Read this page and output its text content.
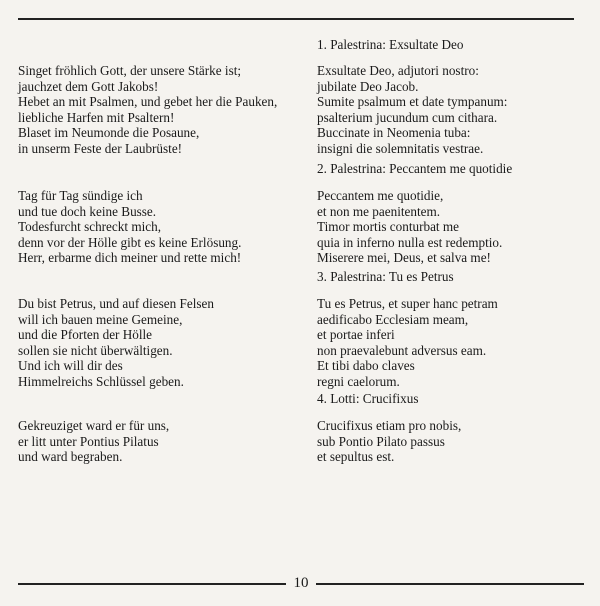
Singet fröhlich Gott, der unsere Stärke ist;
jauchzet dem Gott Jakobs!
Hebet an mit Psalmen, und gebet her die Pauken,
liebliche Harfen mit Psaltern!
Blaset im Neumonde die Posaune,
in unserm Feste der Laubrüste!
Tag für Tag sündige ich
und tue doch keine Busse.
Todesfurcht schreckt mich,
denn vor der Hölle gibt es keine Erlösung.
Herr, erbarme dich meiner und rette mich!
Du bist Petrus, und auf diesen Felsen
will ich bauen meine Gemeine,
und die Pforten der Hölle
sollen sie nicht überwältigen.
Und ich will dir des
Himmelreichs Schlüssel geben.
Gekreuziget ward er für uns,
er litt unter Pontius Pilatus
und ward begraben.
1. Palestrina: Exsultate Deo
Exsultate Deo, adjutori nostro:
jubilate Deo Jacob.
Sumite psalmum et date tympanum:
psalterium jucundum cum cithara.
Buccinate in Neomenia tuba:
insigni die solemnitatis vestrae.
2. Palestrina: Peccantem me quotidie
Peccantem me quotidie,
et non me paenitentem.
Timor mortis conturbat me
quia in inferno nulla est redemptio.
Miserere mei, Deus, et salva me!
3. Palestrina: Tu es Petrus
Tu es Petrus, et super hanc petram
aedificabo Ecclesiam meam,
et portae inferi
non praevalebunt adversus eam.
Et tibi dabo claves
regni caelorum.
4. Lotti: Crucifixus
Crucifixus etiam pro nobis,
sub Pontio Pilato passus
et sepultus est.
10
